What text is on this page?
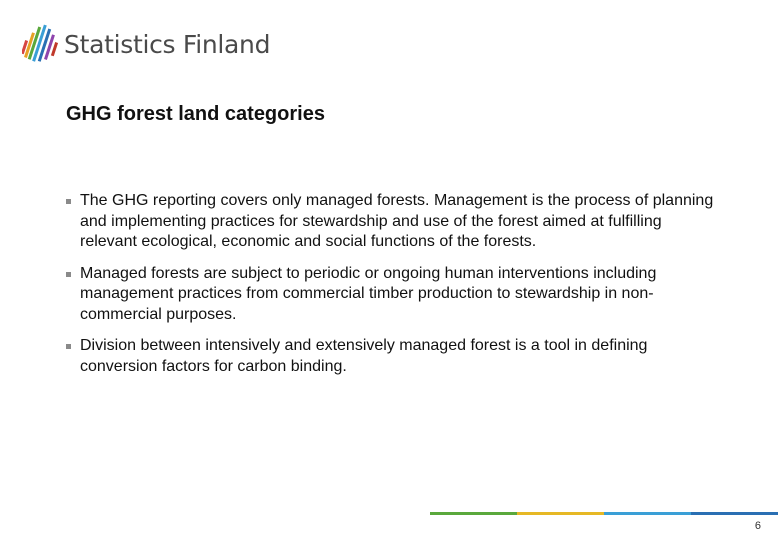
Statistics Finland
GHG forest land categories
The GHG reporting covers only managed forests. Management is the process of planning and implementing practices for stewardship and use of the forest aimed at fulfilling relevant ecological, economic and social functions of the forests.
Managed forests are subject to periodic or ongoing human interventions including management practices from commercial timber production to stewardship in non-commercial purposes.
Division between intensively and extensively managed forest is a tool in defining conversion factors for carbon binding.
6
